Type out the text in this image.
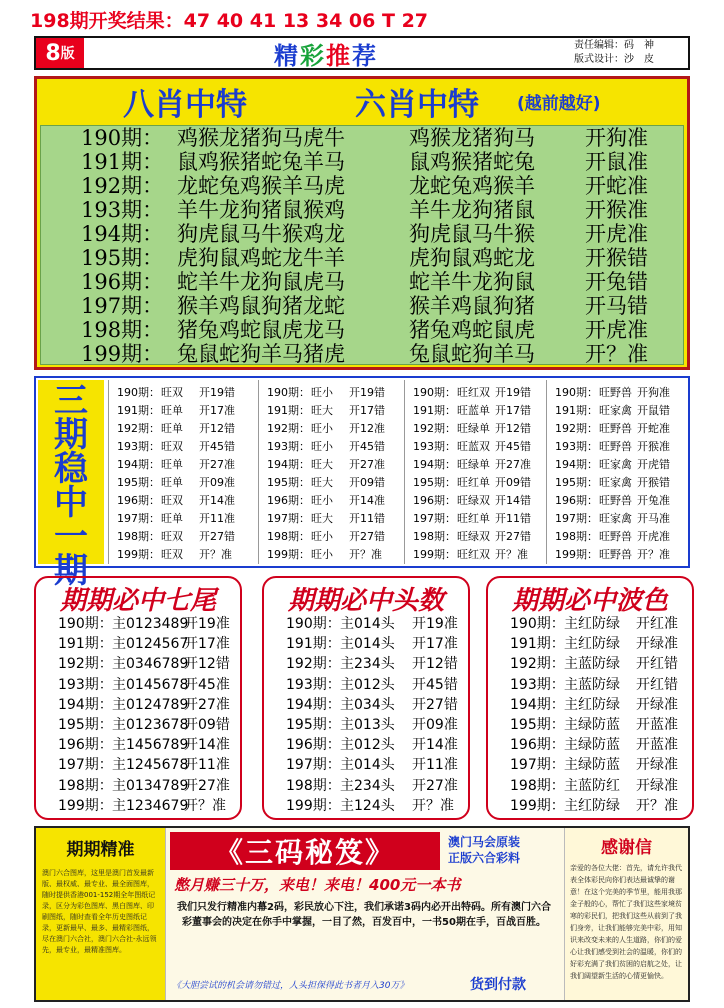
198期开奖结果：47 40 41 13 34 06 T 27
8 版	精彩推荐	责任编辑：码　神
版式设计：沙　皮
八肖中特	六肖中特 (越前越好)
190期： 鸡猴龙猪狗马虎牛	鸡猴龙猪狗马 开狗准
191期： 鼠鸡猴猪蛇兔羊马	鼠鸡猴猪蛇兔 开鼠准
192期： 龙蛇兔鸡猴羊马虎	龙蛇兔鸡猴羊 开蛇准
193期： 羊牛龙狗猪鼠猴鸡	羊牛龙狗猪鼠 开猴准
194期： 狗虎鼠马牛猴鸡龙	狗虎鼠马牛猴 开虎准
195期： 虎狗鼠鸡蛇龙牛羊	虎狗鼠鸡蛇龙 开猴错
196期： 蛇羊牛龙狗鼠虎马	蛇羊牛龙狗鼠 开兔错
197期： 猴羊鸡鼠狗猪龙蛇	猴羊鸡鼠狗猪 开马错
198期： 猪兔鸡蛇鼠虎龙马	猪兔鸡蛇鼠虎 开虎准
199期： 兔鼠蛇狗羊马猪虎	兔鼠蛇狗羊马 开？准
三
期
稳
中
一
期
190期： 旺双 开19错
191期： 旺单 开17准
192期： 旺单 开12错
193期： 旺双 开45错
194期： 旺单 开27准
195期： 旺单 开09准
196期： 旺双 开14准
197期： 旺单 开11准
198期： 旺双 开27错
199期： 旺双 开？准
190期： 旺小 开19错
191期： 旺大 开17错
192期： 旺小 开12准
193期： 旺小 开45错
194期： 旺大 开27准
195期： 旺大 开09错
196期： 旺小 开14准
197期： 旺大 开11错
198期： 旺小 开27错
199期： 旺小 开？准
190期： 旺红双 开19错
191期： 旺蓝单 开17错
192期： 旺绿单 开12错
193期： 旺蓝双 开45错
194期： 旺绿单 开27准
195期： 旺红单 开09错
196期： 旺绿双 开14错
197期： 旺红单 开11错
198期： 旺绿双 开27错
199期： 旺红双 开？准
190期： 旺野兽 开狗准
191期： 旺家禽 开鼠错
192期： 旺野兽 开蛇准
193期： 旺野兽 开猴准
194期： 旺家禽 开虎错
195期： 旺家禽 开猴错
196期： 旺野兽 开兔准
197期： 旺家禽 开马准
198期： 旺野兽 开虎准
199期： 旺野兽 开？准
期期必中七尾
190期： 主0123489
开19准
191期： 主0124567
开17准
192期： 主0346789
开12错
193期： 主0145678
开45准
194期： 主0124789
开27准
195期： 主0123678
开09错
196期： 主1456789
开14准
197期： 主1245678
开11准
198期： 主0134789
开27准
199期： 主1234679
开？准
期期必中头数
190期： 主014头 开19准
191期： 主014头 开17准
192期： 主234头 开12错
193期： 主012头 开45错
194期： 主034头 开27错
195期： 主013头 开09准
196期： 主012头 开14准
197期： 主014头 开11准
198期： 主234头 开27准
199期： 主124头 开？准
期期必中波色
190期： 主红防绿 开红准
191期： 主红防绿 开绿准
192期： 主蓝防绿 开红错
193期： 主蓝防绿 开红错
194期： 主红防绿 开绿准
195期： 主绿防蓝 开蓝准
196期： 主绿防蓝 开蓝准
197期： 主绿防蓝 开绿准
198期： 主蓝防红 开绿准
199期： 主红防绿 开？准
期期精准
澳门六合图库，这里是澳门首发最新版、最权威、最专业、最全面图库，随时提供香港001-152期全年图纸记录，区分为彩色图库、黑白图库、印刷图纸，随时查看全年历史图纸记录，更新最早、最多、最精彩图纸，尽在澳门六合社，澳门六合社-永远领先，最专业，最精准图库。
《三码秘笈》	澳门马会原装
正版六合彩料
憋月赚三十万，来电！来电！400元一本书
我们只发行精准内幕2码，彩民放心下注，我们承诺3码内必开出特码。所有澳门六合彩董事会的决定在你手中掌握，一目了然，百发百中，一书50期在手，百战百胜。
《大胆尝试的机会请勿错过，人头担保得此书者月入30万》	货到付款
感谢信
亲爱的各位大佬：首先，请允许我代表全体彩民向你们表达最诚挚的谢意！在这个完美的季节里，能用我那金子般的心，帮忙了我们这些家境贫寒的彩民们，把我们这些从前到了我们身旁，让我们能够完美中彩，用知识来改变未来的人生道路，你们的爱心让我们感受到社会的温暖，你们的好彩充满了我们贫困的启航之处，让我们阔望新生活的心情更愉快。
